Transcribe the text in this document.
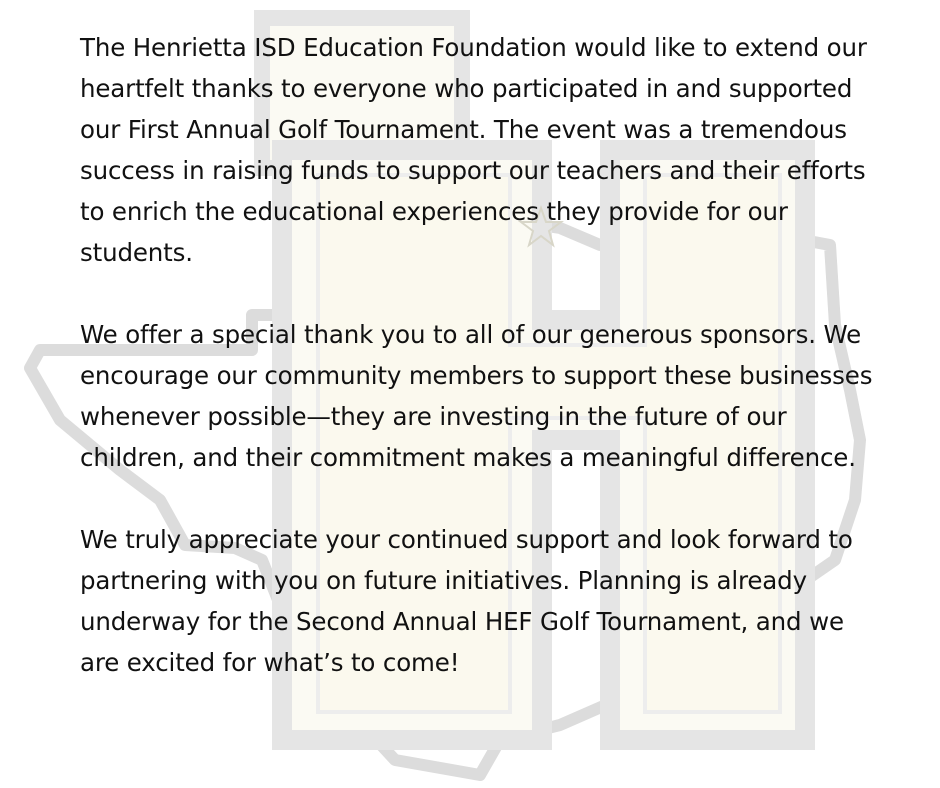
The Henrietta ISD Education Foundation would like to extend our heartfelt thanks to everyone who participated in and supported our First Annual Golf Tournament. The event was a tremendous success in raising funds to support our teachers and their efforts to enrich the educational experiences they provide for our students.

We offer a special thank you to all of our generous sponsors. We encourage our community members to support these businesses whenever possible—they are investing in the future of our children, and their commitment makes a meaningful difference.

We truly appreciate your continued support and look forward to partnering with you on future initiatives. Planning is already underway for the Second Annual HEF Golf Tournament, and we are excited for what’s to come!
